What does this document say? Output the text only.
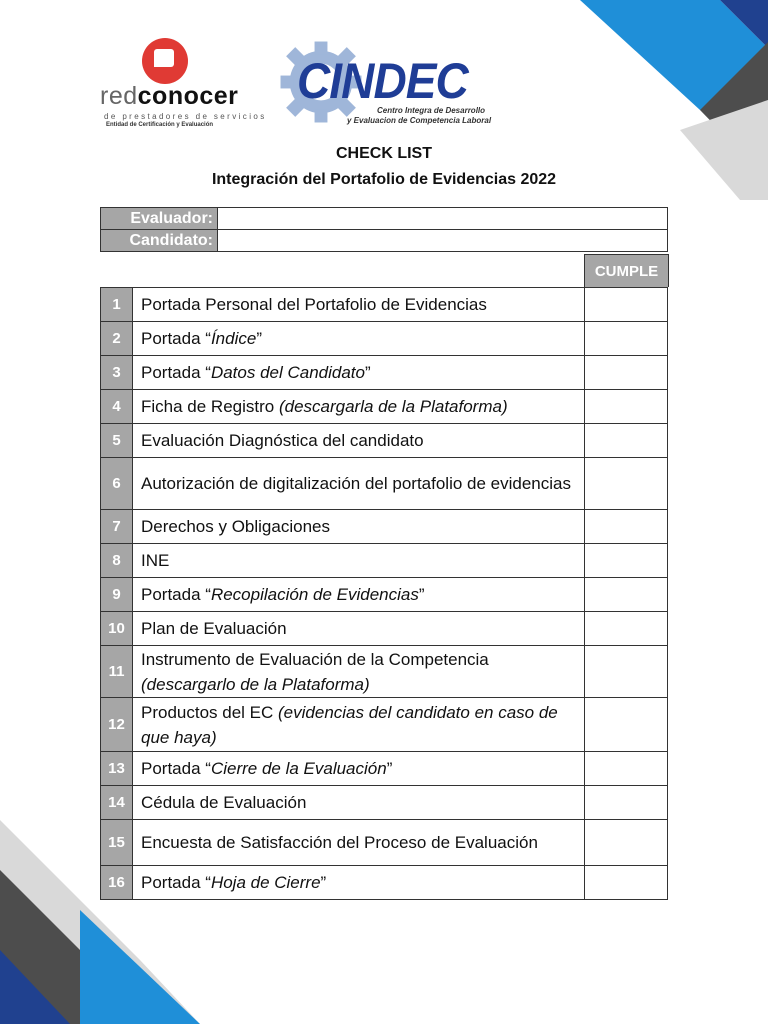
redconocer
de prestadores de servicios
Entidad de Certificación y Evaluación
CINDEC
Centro Integra de Desarrollo
y Evaluacion de Competencia Laboral
CHECK LIST
Integración del Portafolio de Evidencias 2022
Evaluador:	
Candidato:	
CUMPLE
1	Portada Personal del Portafolio de Evidencias	
2	Portada “Índice”	
3	Portada “Datos del Candidato”	
4	Ficha de Registro (descargarla de la Plataforma)	
5	Evaluación Diagnóstica del candidato	
6	Autorización de digitalización del portafolio de evidencias	
7	Derechos y Obligaciones	
8	INE	
9	Portada “Recopilación de Evidencias”	
10	Plan de Evaluación	
11	Instrumento de Evaluación de la Competencia (descargarlo de la Plataforma)	
12	Productos del EC (evidencias del candidato en caso de que haya)	
13	Portada “Cierre de la Evaluación”	
14	Cédula de Evaluación	
15	Encuesta de Satisfacción del Proceso de Evaluación	
16	Portada “Hoja de Cierre”	
